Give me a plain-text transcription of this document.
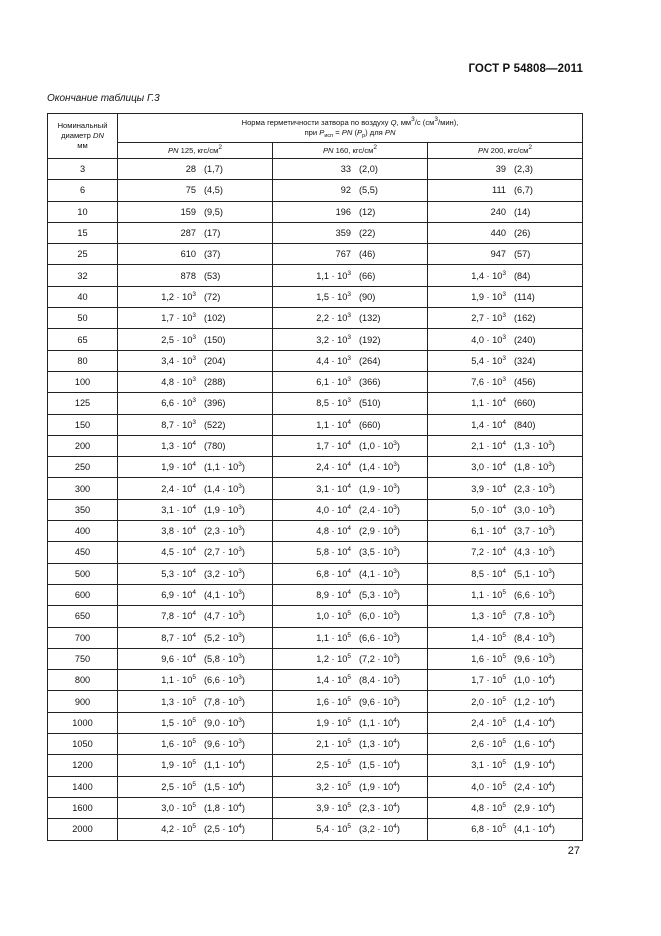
ГОСТ Р 54808—2011
Окончание таблицы Г.3
Номинальный
диаметр DN
мм	Норма герметичности затвора по воздуху Q, $мм^3/с$ $(см^3/мин)$,
при $P_{исп}$ = PN $(P_р)$ для PN		
	PN 125, кгс/$см^2$	PN 160, кгс/$см^2$	PN 200, кгс/$см^2$
3	28 (1,7)	33 (2,0)	39 (2,3)

6	75 (4,5)	92 (5,5)	111 (6,7)

10	159 (9,5)	196 (12)	240 (14)

15	287 (17)	359 (22)	440 (26)

25	610 (37)	767 (46)	947 (57)

32	878 (53)	$1,1 \cdot 10^3$ (66)	$1,4 \cdot 10^3$ (84)

40	$1,2 \cdot 10^3$ (72)	$1,5 \cdot 10^3$ (90)	$1,9 \cdot 10^3$ (114)

50	$1,7 \cdot 10^3$ (102)	$2,2 \cdot 10^3$ (132)	$2,7 \cdot 10^3$ (162)

65	$2,5 \cdot 10^3$ (150)	$3,2 \cdot 10^3$ (192)	$4,0 \cdot 10^3$ (240)

80	$3,4 \cdot 10^3$ (204)	$4,4 \cdot 10^3$ (264)	$5,4 \cdot 10^3$ (324)

100	$4,8 \cdot 10^3$ (288)	$6,1 \cdot 10^3$ (366)	$7,6 \cdot 10^3$ (456)

125	$6,6 \cdot 10^3$ (396)	$8,5 \cdot 10^3$ (510)	$1,1 \cdot 10^4$ (660)

150	$8,7 \cdot 10^3$ (522)	$1,1 \cdot 10^4$ (660)	$1,4 \cdot 10^4$ (840)

200	$1,3 \cdot 10^4$ (780)	$1,7 \cdot 10^4$ $(1,0 \cdot 10^3)$	$2,1 \cdot 10^4$ $(1,3 \cdot 10^3)$

250	$1,9 \cdot 10^4$ $(1,1 \cdot 10^3)$	$2,4 \cdot 10^4$ $(1,4 \cdot 10^3)$	$3,0 \cdot 10^4$ $(1,8 \cdot 10^3)$

300	$2,4 \cdot 10^4$ $(1,4 \cdot 10^3)$	$3,1 \cdot 10^4$ $(1,9 \cdot 10^3)$	$3,9 \cdot 10^4$ $(2,3 \cdot 10^3)$

350	$3,1 \cdot 10^4$ $(1,9 \cdot 10^3)$	$4,0 \cdot 10^4$ $(2,4 \cdot 10^3)$	$5,0 \cdot 10^4$ $(3,0 \cdot 10^3)$

400	$3,8 \cdot 10^4$ $(2,3 \cdot 10^3)$	$4,8 \cdot 10^4$ $(2,9 \cdot 10^3)$	$6,1 \cdot 10^4$ $(3,7 \cdot 10^3)$

450	$4,5 \cdot 10^4$ $(2,7 \cdot 10^3)$	$5,8 \cdot 10^4$ $(3,5 \cdot 10^3)$	$7,2 \cdot 10^4$ $(4,3 \cdot 10^3)$

500	$5,3 \cdot 10^4$ $(3,2 \cdot 10^3)$	$6,8 \cdot 10^4$ $(4,1 \cdot 10^3)$	$8,5 \cdot 10^4$ $(5,1 \cdot 10^3)$

600	$6,9 \cdot 10^4$ $(4,1 \cdot 10^3)$	$8,9 \cdot 10^4$ $(5,3 \cdot 10^3)$	$1,1 \cdot 10^5$ $(6,6 \cdot 10^3)$

650	$7,8 \cdot 10^4$ $(4,7 \cdot 10^3)$	$1,0 \cdot 10^5$ $(6,0 \cdot 10^3)$	$1,3 \cdot 10^5$ $(7,8 \cdot 10^3)$

700	$8,7 \cdot 10^4$ $(5,2 \cdot 10^3)$	$1,1 \cdot 10^5$ $(6,6 \cdot 10^3)$	$1,4 \cdot 10^5$ $(8,4 \cdot 10^3)$

750	$9,6 \cdot 10^4$ $(5,8 \cdot 10^3)$	$1,2 \cdot 10^5$ $(7,2 \cdot 10^3)$	$1,6 \cdot 10^5$ $(9,6 \cdot 10^3)$

800	$1,1 \cdot 10^5$ $(6,6 \cdot 10^3)$	$1,4 \cdot 10^5$ $(8,4 \cdot 10^3)$	$1,7 \cdot 10^5$ $(1,0 \cdot 10^4)$

900	$1,3 \cdot 10^5$ $(7,8 \cdot 10^3)$	$1,6 \cdot 10^5$ $(9,6 \cdot 10^3)$	$2,0 \cdot 10^5$ $(1,2 \cdot 10^4)$

1000	$1,5 \cdot 10^5$ $(9,0 \cdot 10^3)$	$1,9 \cdot 10^5$ $(1,1 \cdot 10^4)$	$2,4 \cdot 10^5$ $(1,4 \cdot 10^4)$

1050	$1,6 \cdot 10^5$ $(9,6 \cdot 10^3)$	$2,1 \cdot 10^5$ $(1,3 \cdot 10^4)$	$2,6 \cdot 10^5$ $(1,6 \cdot 10^4)$

1200	$1,9 \cdot 10^5$ $(1,1 \cdot 10^4)$	$2,5 \cdot 10^5$ $(1,5 \cdot 10^4)$	$3,1 \cdot 10^5$ $(1,9 \cdot 10^4)$

1400	$2,5 \cdot 10^5$ $(1,5 \cdot 10^4)$	$3,2 \cdot 10^5$ $(1,9 \cdot 10^4)$	$4,0 \cdot 10^5$ $(2,4 \cdot 10^4)$

1600	$3,0 \cdot 10^5$ $(1,8 \cdot 10^4)$	$3,9 \cdot 10^5$ $(2,3 \cdot 10^4)$	$4,8 \cdot 10^5$ $(2,9 \cdot 10^4)$

2000	$4,2 \cdot 10^5$ $(2,5 \cdot 10^4)$	$5,4 \cdot 10^5$ $(3,2 \cdot 10^4)$	$6,8 \cdot 10^5$ $(4,1 \cdot 10^4)$
27
